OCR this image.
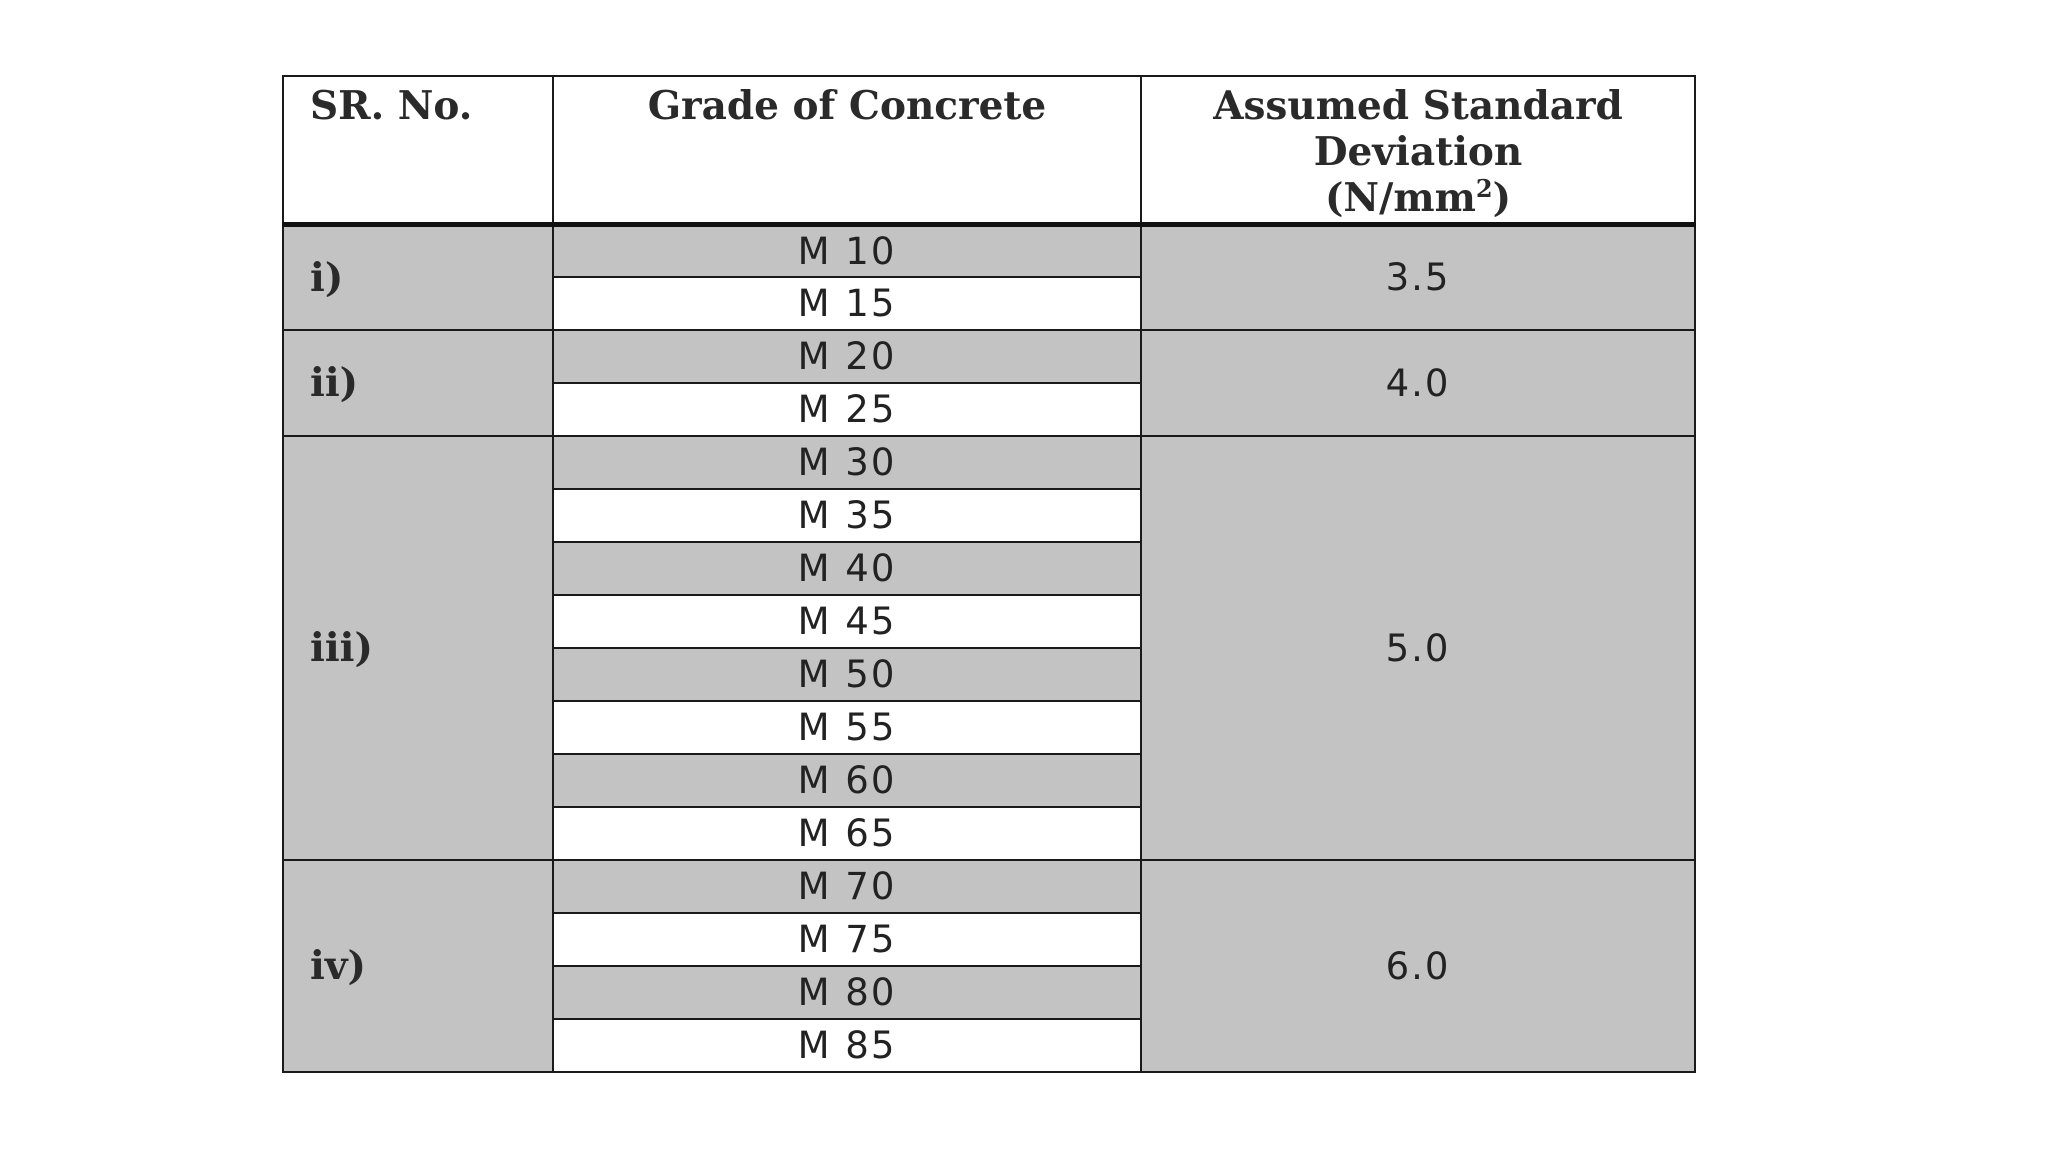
SR. No.	Grade of Concrete	Assumed Standard
Deviation
$(N/mm^2)$
i)	M 10	3.5
	M 15	
ii)	M 20	4.0
	M 25	
iii)	M 30	5.0
	M 35	
	M 40	
	M 45	
	M 50	
	M 55	
	M 60	
	M 65	
iv)	M 70	6.0
	M 75	
	M 80	
	M 85	
